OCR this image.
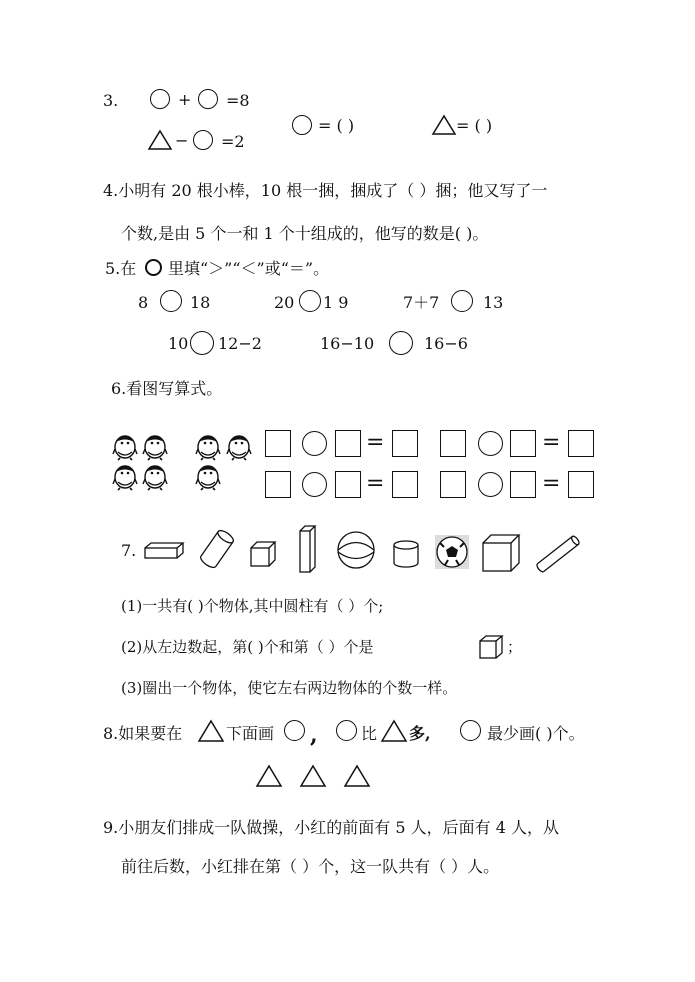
3.	+ =8
− =2
= ( )	= ( )
4.小明有 20 根小棒，10 根一捆，捆成了（ ）捆；他又写了一
个数,是由 5 个一和 1 个十组成的，他写的数是( )。
5.在 里填“＞”“＜”或“＝”。
8	18	20 1 9	7＋7	13
10 12−2	16−10	16−6
6.看图写算式。
=	=
=	=
7.
(1)一共有( )个物体,其中圆柱有（ ）个;
(2)从左边数起，第( )个和第（ ）个是	；
(3)圈出一个物体，使它左右两边物体的个数一样。
8.如果要在	下面画 ,	比 多,	最少画( )个。
9.小朋友们排成一队做操，小红的前面有 5 人，后面有 4 人，从
前往后数，小红排在第（ ）个，这一队共有（ ）人。
